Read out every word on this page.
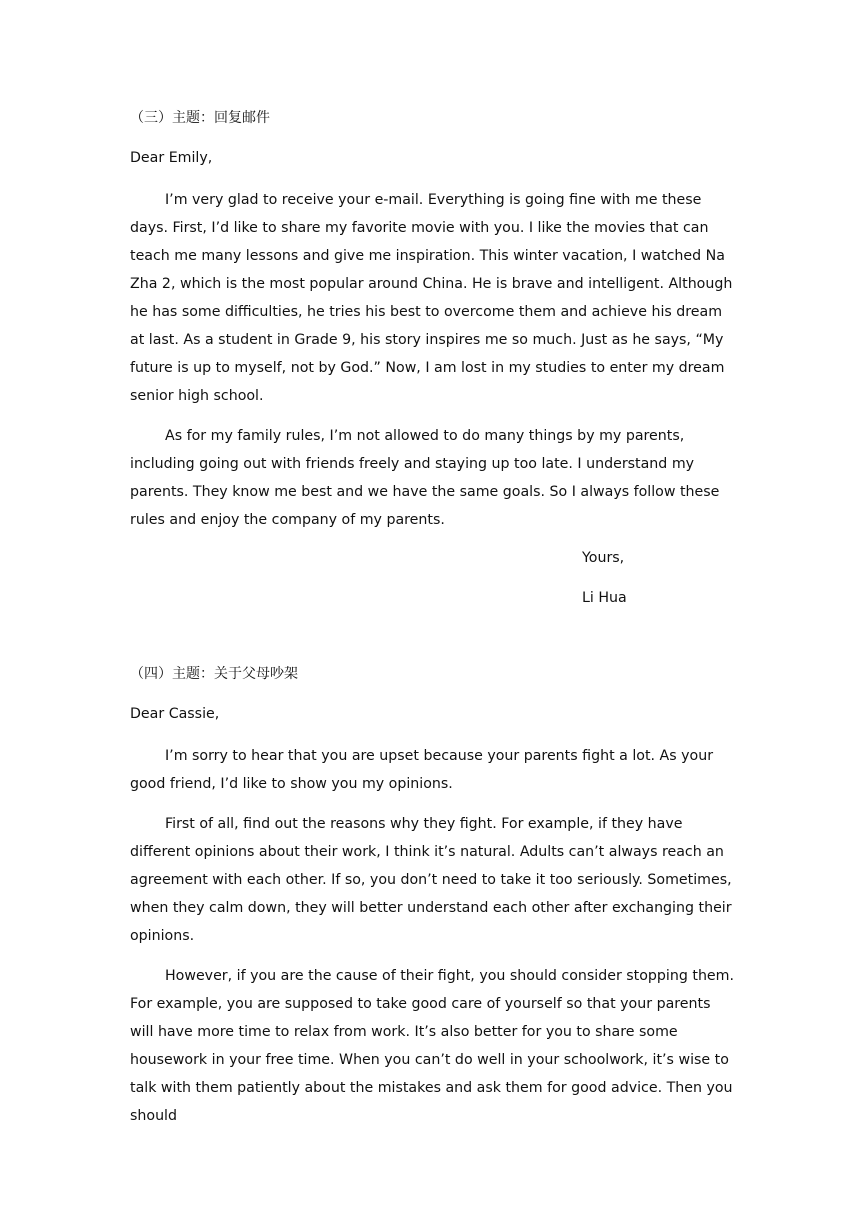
（三）主题：回复邮件
Dear Emily,

I’m very glad to receive your e-mail. Everything is going fine with me these days. First, I’d like to share my favorite movie with you. I like the movies that can teach me many lessons and give me inspiration. This winter vacation, I watched Na Zha 2, which is the most popular around China. He is brave and intelligent. Although he has some difficulties, he tries his best to overcome them and achieve his dream at last. As a student in Grade 9, his story inspires me so much. Just as he says, “My future is up to myself, not by God.” Now, I am lost in my studies to enter my dream senior high school.

As for my family rules, I’m not allowed to do many things by my parents, including going out with friends freely and staying up too late. I understand my parents. They know me best and we have the same goals. So I always follow these rules and enjoy the company of my parents.

Yours,
Li Hua
（四）主题：关于父母吵架
Dear Cassie,

I’m sorry to hear that you are upset because your parents fight a lot. As your good friend, I’d like to show you my opinions.

First of all, find out the reasons why they fight. For example, if they have different opinions about their work, I think it’s natural. Adults can’t always reach an agreement with each other. If so, you don’t need to take it too seriously. Sometimes, when they calm down, they will better understand each other after exchanging their opinions.

However, if you are the cause of their fight, you should consider stopping them. For example, you are supposed to take good care of yourself so that your parents will have more time to relax from work. It’s also better for you to share some housework in your free time. When you can’t do well in your schoolwork, it’s wise to talk with them patiently about the mistakes and ask them for good advice. Then you should
